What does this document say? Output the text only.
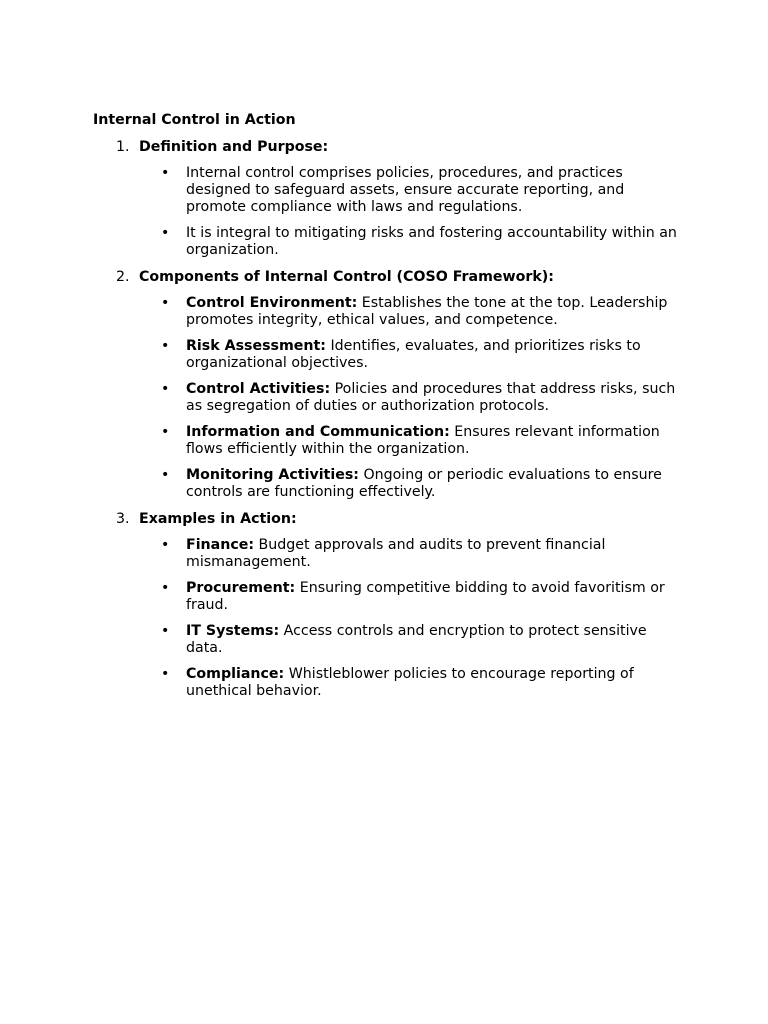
Internal Control in Action
1. Definition and Purpose:
• Internal control comprises policies, procedures, and practices designed to safeguard assets, ensure accurate reporting, and promote compliance with laws and regulations.
• It is integral to mitigating risks and fostering accountability within an organization.
2. Components of Internal Control (COSO Framework):
• Control Environment: Establishes the tone at the top. Leadership promotes integrity, ethical values, and competence.
• Risk Assessment: Identifies, evaluates, and prioritizes risks to organizational objectives.
• Control Activities: Policies and procedures that address risks, such as segregation of duties or authorization protocols.
• Information and Communication: Ensures relevant information flows efficiently within the organization.
• Monitoring Activities: Ongoing or periodic evaluations to ensure controls are functioning effectively.
3. Examples in Action:
• Finance: Budget approvals and audits to prevent financial mismanagement.
• Procurement: Ensuring competitive bidding to avoid favoritism or fraud.
• IT Systems: Access controls and encryption to protect sensitive data.
• Compliance: Whistleblower policies to encourage reporting of unethical behavior.
